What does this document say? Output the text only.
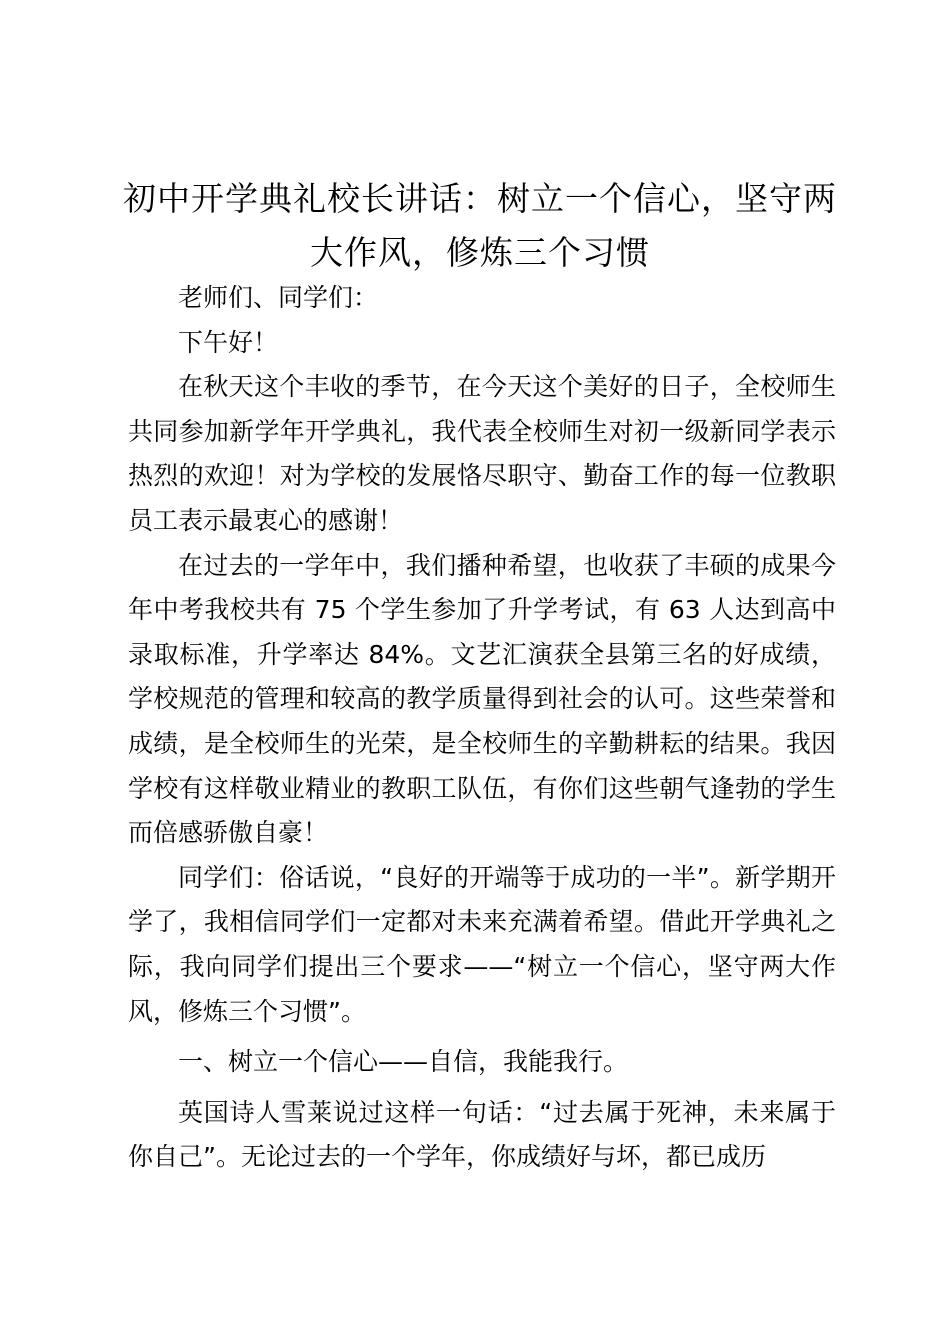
初中开学典礼校长讲话：树立一个信心，坚守两大作风，修炼三个习惯

老师们、同学们：

下午好！

在秋天这个丰收的季节，在今天这个美好的日子，全校师生共同参加新学年开学典礼，我代表全校师生对初一级新同学表示热烈的欢迎！对为学校的发展恪尽职守、勤奋工作的每一位教职员工表示最衷心的感谢！

在过去的一学年中，我们播种希望，也收获了丰硕的成果今年中考我校共有 75 个学生参加了升学考试，有 63 人达到高中录取标准，升学率达 84%。文艺汇演获全县第三名的好成绩，学校规范的管理和较高的教学质量得到社会的认可。这些荣誉和成绩，是全校师生的光荣，是全校师生的辛勤耕耘的结果。我因学校有这样敬业精业的教职工队伍，有你们这些朝气逢勃的学生而倍感骄傲自豪！

同学们：俗话说，“良好的开端等于成功的一半”。新学期开学了，我相信同学们一定都对未来充满着希望。借此开学典礼之际，我向同学们提出三个要求——“树立一个信心，坚守两大作风，修炼三个习惯”。

一、树立一个信心——自信，我能我行。

英国诗人雪莱说过这样一句话：“过去属于死神，未来属于你自己”。无论过去的一个学年，你成绩好与坏，都已成历
